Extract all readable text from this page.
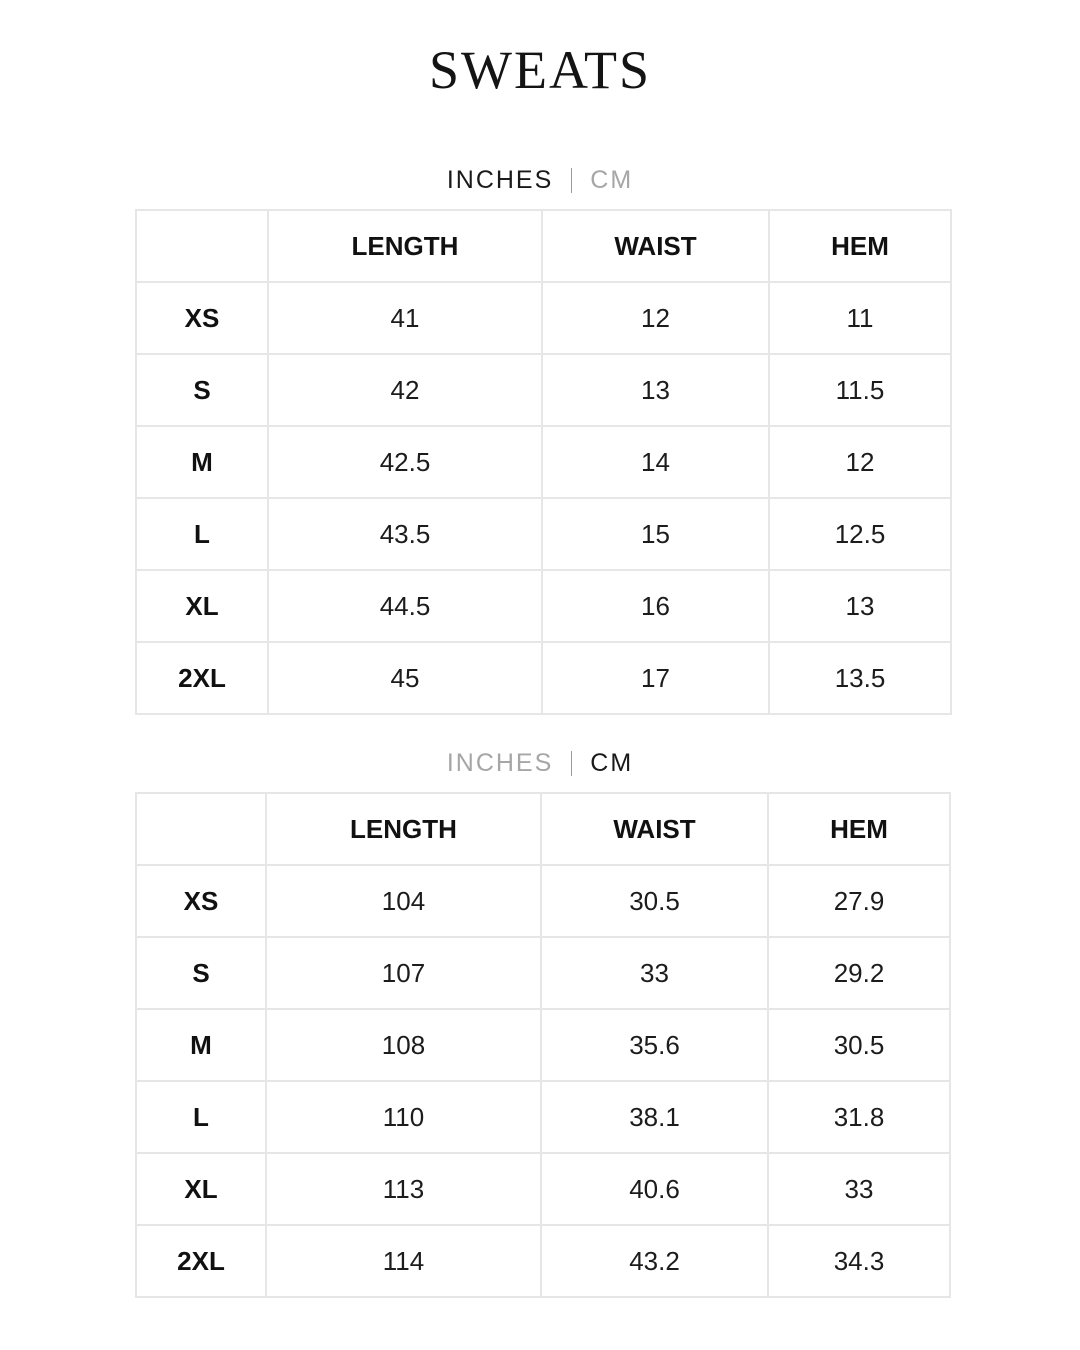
SWEATS
INCHES CM
	LENGTH	WAIST	HEM
XS	41	12	11
S	42	13	11.5
M	42.5	14	12
L	43.5	15	12.5
XL	44.5	16	13
2XL	45	17	13.5
INCHES CM
	LENGTH	WAIST	HEM
XS	104	30.5	27.9
S	107	33	29.2
M	108	35.6	30.5
L	110	38.1	31.8
XL	113	40.6	33
2XL	114	43.2	34.3
